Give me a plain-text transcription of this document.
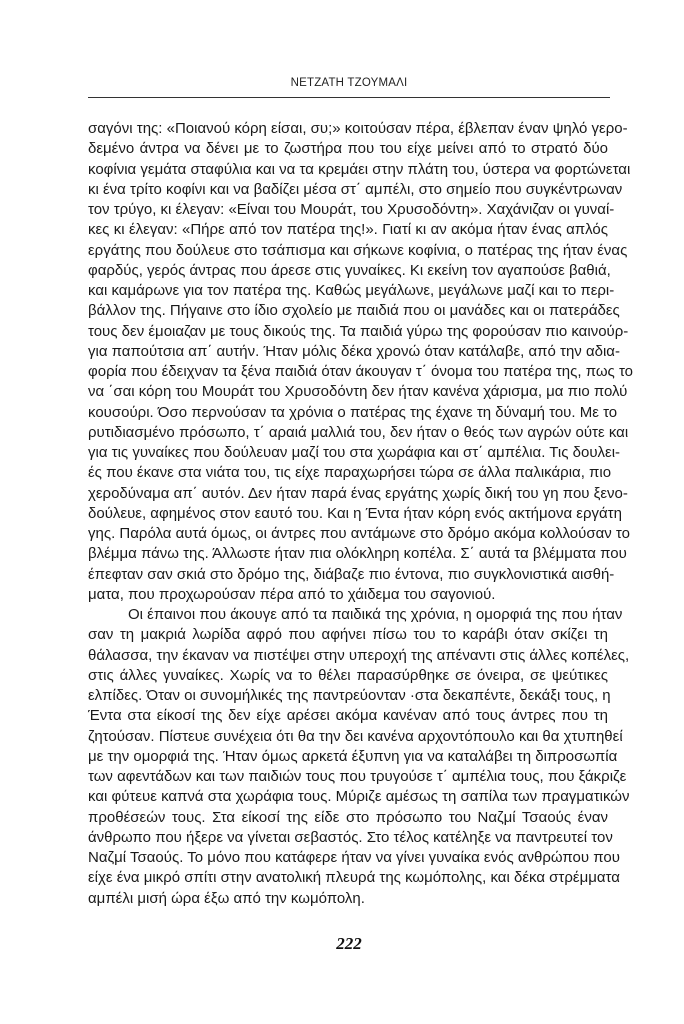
ΝΕΤΖΑΤΗ ΤΖΟΥΜΑΛΙ
σαγόνι της: «Ποιανού κόρη είσαι, συ;» κοιτούσαν πέρα, έβλεπαν έναν ψηλό γερο-
δεμένο άντρα να δένει με το ζωστήρα που του είχε μείνει από το στρατό δύο
κοφίνια γεμάτα σταφύλια και να τα κρεμάει στην πλάτη του, ύστερα να φορτώνεται
κι ένα τρίτο κοφίνι και να βαδίζει μέσα στ΄ αμπέλι, στο σημείο που συγκέντρωναν
τον τρύγο, κι έλεγαν: «Είναι του Μουράτ, του Χρυσοδόντη». Χαχάνιζαν οι γυναί-
κες κι έλεγαν: «Πήρε από τον πατέρα της!». Γιατί κι αν ακόμα ήταν ένας απλός
εργάτης που δούλευε στο τσάπισμα και σήκωνε κοφίνια, ο πατέρας της ήταν ένας
φαρδύς, γερός άντρας που άρεσε στις γυναίκες. Κι εκείνη τον αγαπούσε βαθιά,
και καμάρωνε για τον πατέρα της. Καθώς μεγάλωνε, μεγάλωνε μαζί και το περι-
βάλλον της. Πήγαινε στο ίδιο σχολείο με παιδιά που οι μανάδες και οι πατεράδες
τους δεν έμοιαζαν με τους δικούς της. Τα παιδιά γύρω της φορούσαν πιο καινούρ-
για παπούτσια απ΄ αυτήν. Ήταν μόλις δέκα χρονώ όταν κατάλαβε, από την αδια-
φορία που έδειχναν τα ξένα παιδιά όταν άκουγαν τ΄ όνομα του πατέρα της, πως το
να ΄σαι κόρη του Μουράτ του Χρυσοδόντη δεν ήταν κανένα χάρισμα, μα πιο πολύ
κουσούρι. Όσο περνούσαν τα χρόνια ο πατέρας της έχανε τη δύναμή του. Με το
ρυτιδιασμένο πρόσωπο, τ΄ αραιά μαλλιά του, δεν ήταν ο θεός των αγρών ούτε και
για τις γυναίκες που δούλευαν μαζί του στα χωράφια και στ΄ αμπέλια. Τις δουλει-
ές που έκανε στα νιάτα του, τις είχε παραχωρήσει τώρα σε άλλα παλικάρια, πιο
χεροδύναμα απ΄ αυτόν. Δεν ήταν παρά ένας εργάτης χωρίς δική του γη που ξενο-
δούλευε, αφημένος στον εαυτό του. Και η Έντα ήταν κόρη ενός ακτήμονα εργάτη
γης. Παρόλα αυτά όμως, οι άντρες που αντάμωνε στο δρόμο ακόμα κολλούσαν το
βλέμμα πάνω της. Άλλωστε ήταν πια ολόκληρη κοπέλα. Σ΄ αυτά τα βλέμματα που
έπεφταν σαν σκιά στο δρόμο της, διάβαζε πιο έντονα, πιο συγκλονιστικά αισθή-
ματα, που προχωρούσαν πέρα από το χάιδεμα του σαγονιού.
Οι έπαινοι που άκουγε από τα παιδικά της χρόνια, η ομορφιά της που ήταν
σαν τη μακριά λωρίδα αφρό που αφήνει πίσω του το καράβι όταν σκίζει τη
θάλασσα, την έκαναν να πιστέψει στην υπεροχή της απέναντι στις άλλες κοπέλες,
στις άλλες γυναίκες. Χωρίς να το θέλει παρασύρθηκε σε όνειρα, σε ψεύτικες
ελπίδες. Όταν οι συνομήλικές της παντρεύονταν ·στα δεκαπέντε, δεκάξι τους, η
Έντα στα είκοσί της δεν είχε αρέσει ακόμα κανέναν από τους άντρες που τη
ζητούσαν. Πίστευε συνέχεια ότι θα την δει κανένα αρχοντόπουλο και θα χτυπηθεί
με την ομορφιά της. Ήταν όμως αρκετά έξυπνη για να καταλάβει τη διπροσωπία
των αφεντάδων και των παιδιών τους που τρυγούσε τ΄ αμπέλια τους, που ξάκριζε
και φύτευε καπνά στα χωράφια τους. Μύριζε αμέσως τη σαπίλα των πραγματικών
προθέσεών τους. Στα είκοσί της είδε στο πρόσωπο του Ναζμί Τσαούς έναν
άνθρωπο που ήξερε να γίνεται σεβαστός. Στο τέλος κατέληξε να παντρευτεί τον
Ναζμί Τσαούς. Το μόνο που κατάφερε ήταν να γίνει γυναίκα ενός ανθρώπου που
είχε ένα μικρό σπίτι στην ανατολική πλευρά της κωμόπολης, και δέκα στρέμματα
αμπέλι μισή ώρα έξω από την κωμόπολη.
222
